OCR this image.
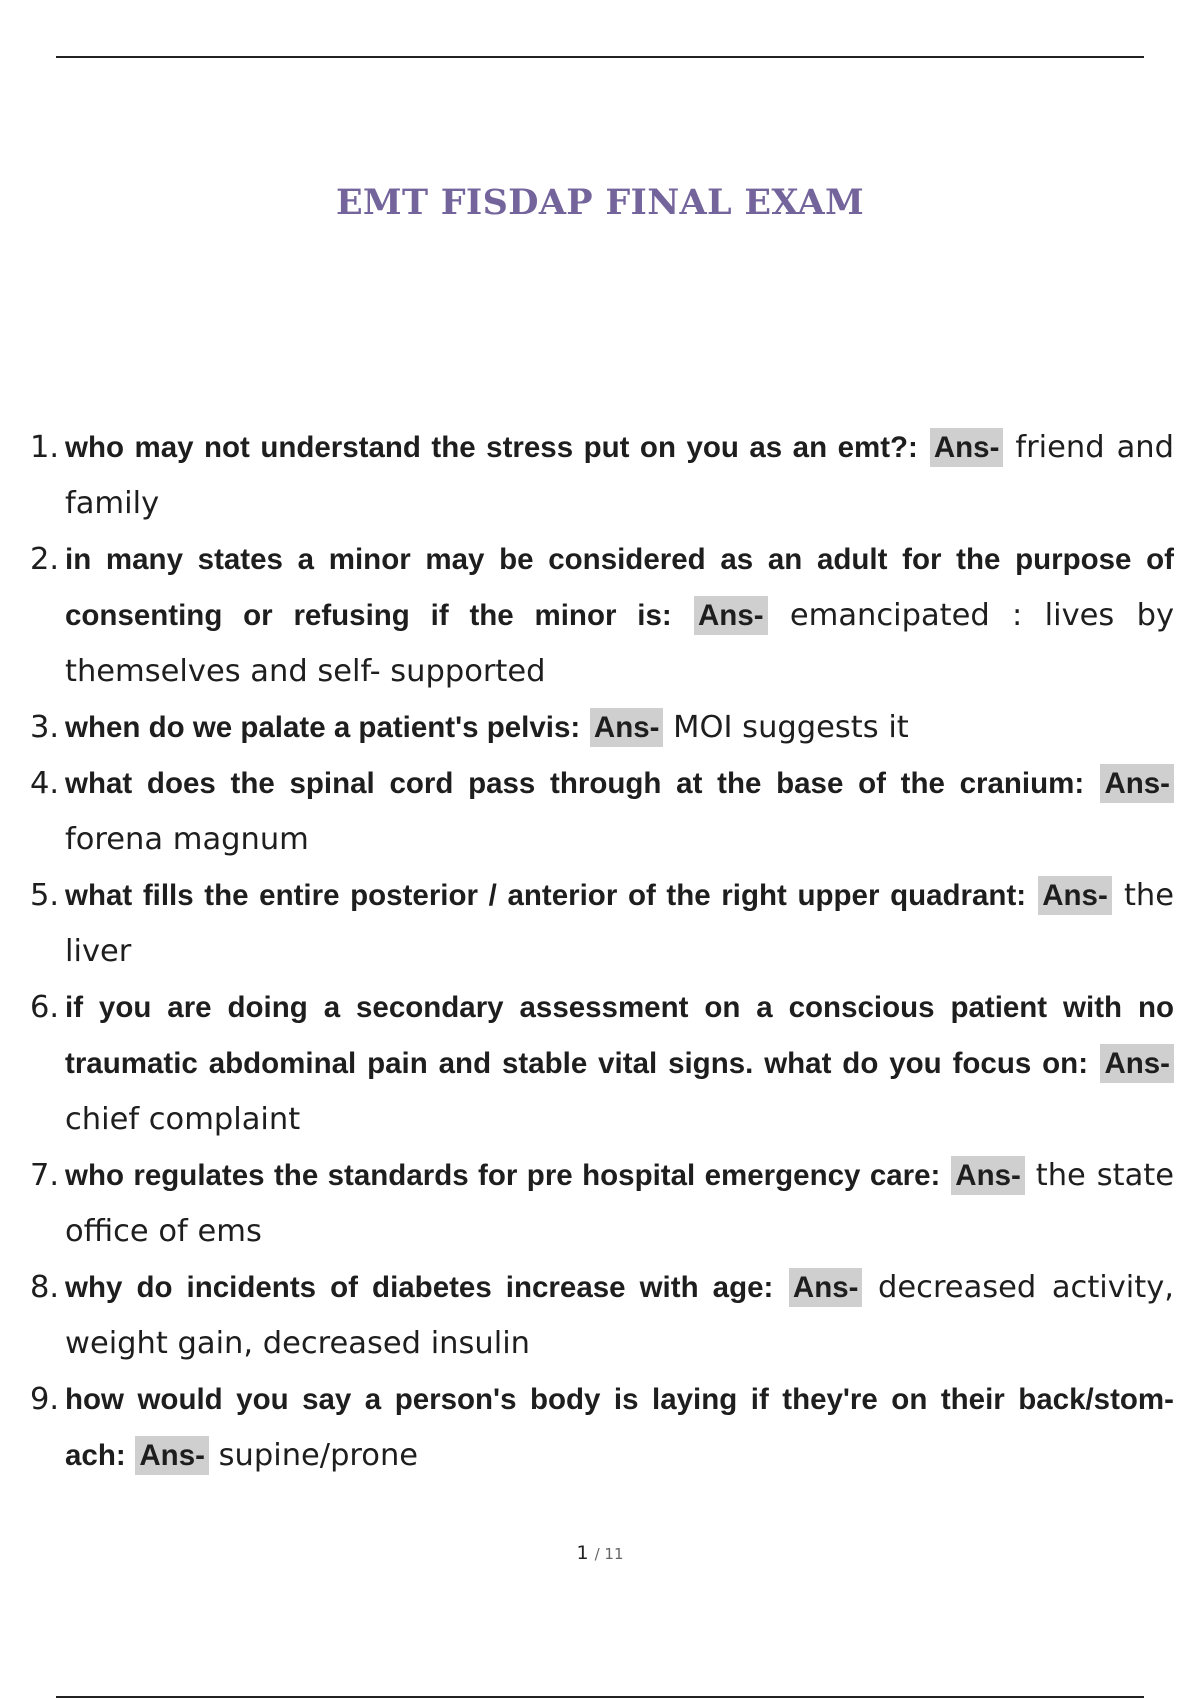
EMT FISDAP FINAL EXAM
1. who may not understand the stress put on you as an emt?: Ans- friend and family
2. in many states a minor may be considered as an adult for the purpose of consenting or refusing if the minor is: Ans- emancipated : lives by themselves and self- supported
3. when do we palate a patient's pelvis: Ans- MOI suggests it
4. what does the spinal cord pass through at the base of the cranium: Ans- forena magnum
5. what fills the entire posterior / anterior of the right upper quadrant: Ans- the liver
6. if you are doing a secondary assessment on a conscious patient with no traumatic abdominal pain and stable vital signs. what do you focus on: Ans- chief complaint
7. who regulates the standards for pre hospital emergency care: Ans- the state office of ems
8. why do incidents of diabetes increase with age: Ans- decreased activity, weight gain, decreased insulin
9. how would you say a person's body is laying if they're on their back/stom- ach: Ans- supine/prone
1 / 11
